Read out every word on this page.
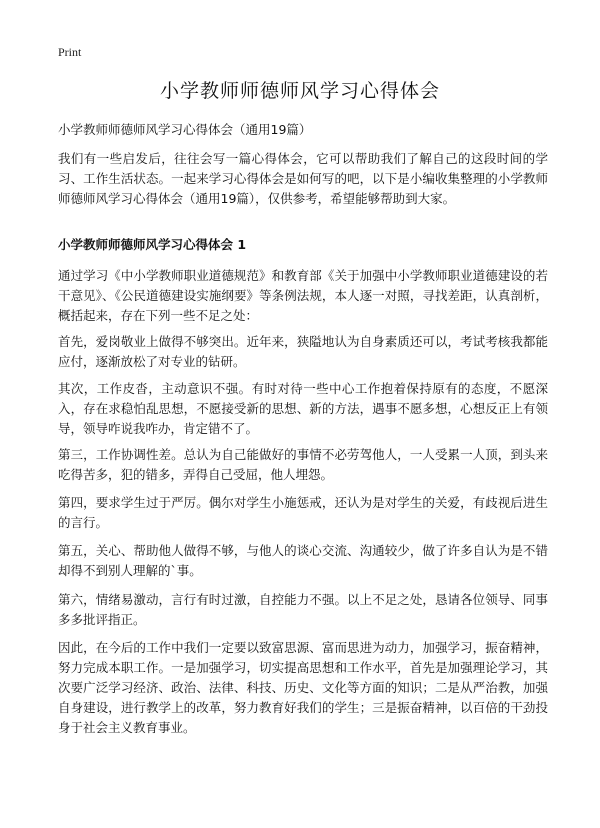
Print
小学教师师德师风学习心得体会
小学教师师德师风学习心得体会（通用19篇）

我们有一些启发后，往往会写一篇心得体会，它可以帮助我们了解自己的这段时间的学习、工作生活状态。一起来学习心得体会是如何写的吧，以下是小编收集整理的小学教师师德师风学习心得体会（通用19篇），仅供参考，希望能够帮助到大家。

小学教师师德师风学习心得体会 1

通过学习《中小学教师职业道德规范》和教育部《关于加强中小学教师职业道德建设的若干意见》、《公民道德建设实施纲要》等条例法规，本人逐一对照，寻找差距，认真剖析，概括起来，存在下列一些不足之处：

首先，爱岗敬业上做得不够突出。近年来，狭隘地认为自身素质还可以，考试考核我都能应付，逐渐放松了对专业的钻研。

其次，工作皮沓，主动意识不强。有时对待一些中心工作抱着保持原有的态度，不愿深入，存在求稳怕乱思想，不愿接受新的思想、新的方法，遇事不愿多想，心想反正上有领导，领导咋说我咋办，肯定错不了。

第三，工作协调性差。总认为自己能做好的事情不必劳驾他人，一人受累一人顶，到头来吃得苦多，犯的错多，弄得自己受屈，他人埋怨。

第四，要求学生过于严厉。偶尔对学生小施惩戒，还认为是对学生的关爱，有歧视后进生的言行。

第五，关心、帮助他人做得不够，与他人的谈心交流、沟通较少，做了许多自认为是不错却得不到别人理解的`事。

第六，情绪易激动，言行有时过激，自控能力不强。以上不足之处，恳请各位领导、同事多多批评指正。

因此，在今后的工作中我们一定要以致富思源、富而思进为动力，加强学习，振奋精神，努力完成本职工作。一是加强学习，切实提高思想和工作水平，首先是加强理论学习，其次要广泛学习经济、政治、法律、科技、历史、文化等方面的知识；二是从严治教，加强自身建设，进行教学上的改革，努力教育好我们的学生；三是振奋精神，以百倍的干劲投身于社会主义教育事业。
